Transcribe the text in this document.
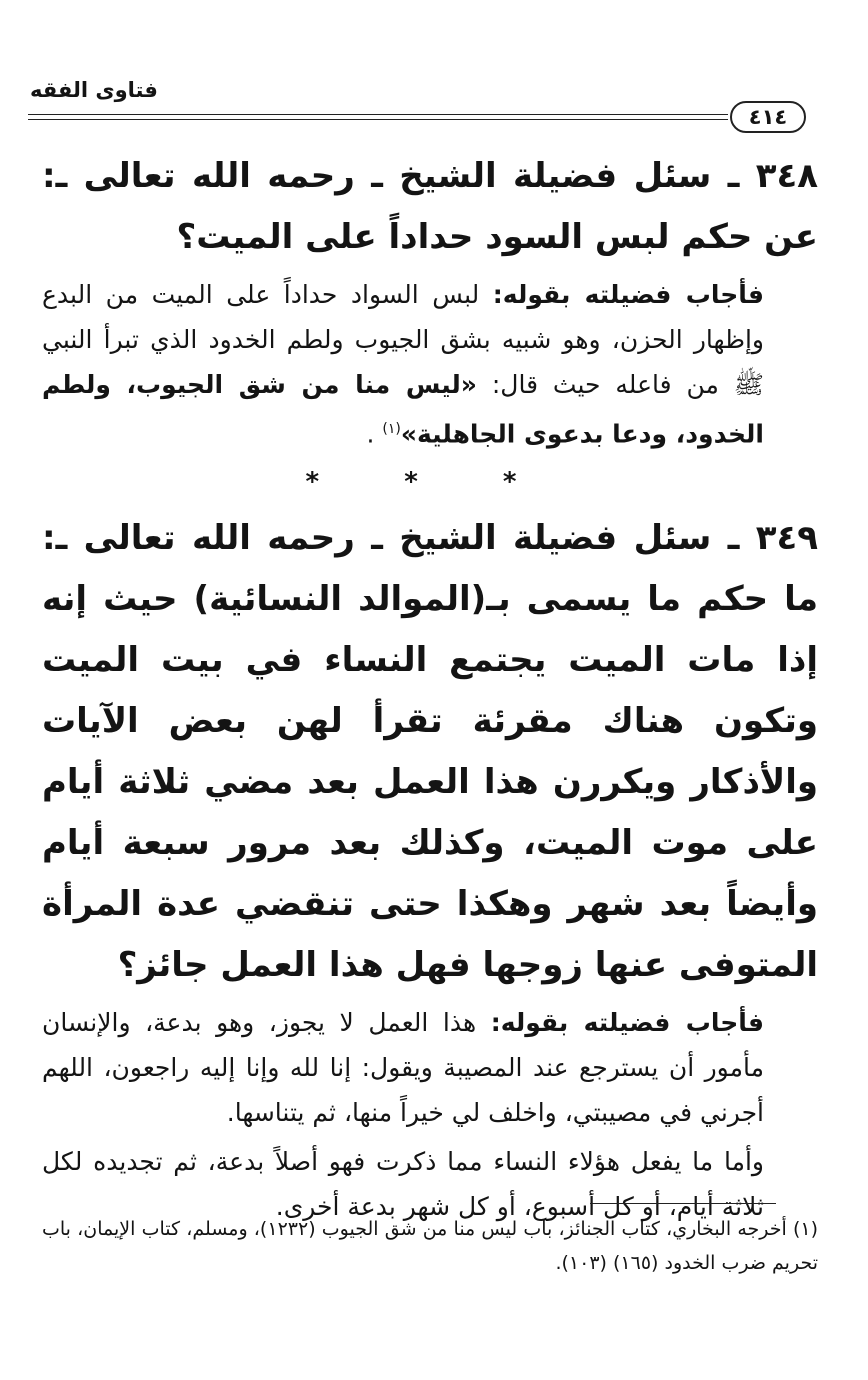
فتاوى الفقه
٤١٤

٣٤٨ ـ سئل فضيلة الشيخ ـ رحمه الله تعالى ـ: عن حكم لبس السود حداداً على الميت؟

فأجاب فضيلته بقوله: لبس السواد حداداً على الميت من البدع وإظهار الحزن، وهو شبيه بشق الجيوب ولطم الخدود الذي تبرأ النبي ﷺ من فاعله حيث قال: «ليس منا من شق الجيوب، ولطم الخدود، ودعا بدعوى الجاهلية»$^{(١)}$ .

* * *

٣٤٩ ـ سئل فضيلة الشيخ ـ رحمه الله تعالى ـ: ما حكم ما يسمى بـ(الموالد النسائية) حيث إنه إذا مات الميت يجتمع النساء في بيت الميت وتكون هناك مقرئة تقرأ لهن بعض الآيات والأذكار ويكررن هذا العمل بعد مضي ثلاثة أيام على موت الميت، وكذلك بعد مرور سبعة أيام وأيضاً بعد شهر وهكذا حتى تنقضي عدة المرأة المتوفى عنها زوجها فهل هذا العمل جائز؟

فأجاب فضيلته بقوله: هذا العمل لا يجوز، وهو بدعة، والإنسان مأمور أن يسترجع عند المصيبة ويقول: إنا لله وإنا إليه راجعون، اللهم أجرني في مصيبتي، واخلف لي خيراً منها، ثم يتناسها.

وأما ما يفعل هؤلاء النساء مما ذكرت فهو أصلاً بدعة، ثم تجديده لكل ثلاثة أيام، أو كل أسبوع، أو كل شهر بدعة أخرى.

(١) أخرجه البخاري، كتاب الجنائز، باب ليس منا من شق الجيوب (١٢٣٢)، ومسلم، كتاب الإيمان، باب تحريم ضرب الخدود (١٦٥) (١٠٣).
